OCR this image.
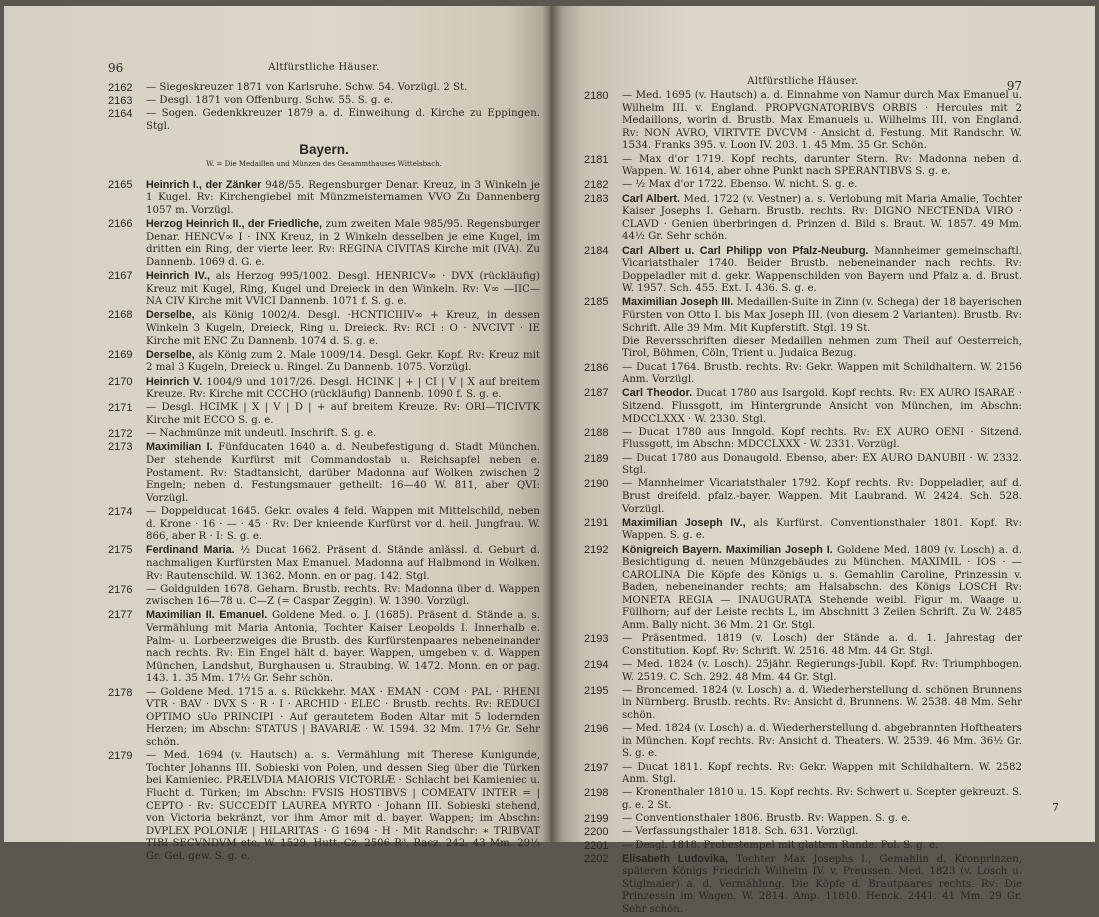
96	Altfürstliche Häuser.
2162	— Siegeskreuzer 1871 von Karlsruhe. Schw. 54. Vorzügl. 2 St.
2163	— Desgl. 1871 von Offenburg. Schw. 55. S. g. e.
2164	— Sogen. Gedenkkreuzer 1879 a. d. Einweihung d. Kirche zu Eppingen. Stgl.
Bayern.
W. = Die Medaillen und Münzen des Gesammthauses Wittelsbach.
2165	Heinrich I., der Zänker 948/55. Regensburger Denar. Kreuz, in 3 Winkeln je 1 Kugel. Rv: Kirchengiebel mit Münzmeisternamen VVO Zu Dannenberg 1057 m. Vorzügl.
2166	Herzog Heinrich II., der Friedliche, zum zweiten Male 985/95. Regensburger Denar. HENCV∞ I · INX Kreuz, in 2 Winkeln desselben je eine Kugel, im dritten ein Ring, der vierte leer. Rv: REGINA CIVITAS Kirche mit (IVA). Zu Dannenb. 1069 d. G. e.
2167	Heinrich IV., als Herzog 995/1002. Desgl. HENRICV∞ · DVX (rückläufig) Kreuz mit Kugel, Ring, Kugel und Dreieck in den Winkeln. Rv: V∞ —IIC—NA CIV Kirche mit VVICI Dannenb. 1071 f. S. g. e.
2168	Derselbe, als König 1002/4. Desgl. ·HCNTICIIIV∞ + Kreuz, in dessen Winkeln 3 Kugeln, Dreieck, Ring u. Dreieck. Rv: RCI : O · NVCIVT · IE Kirche mit ENC Zu Dannenb. 1074 d. S. g. e.
2169	Derselbe, als König zum 2. Male 1009/14. Desgl. Gekr. Kopf. Rv: Kreuz mit 2 mal 3 Kugeln, Dreieck u. Ringel. Zu Dannenb. 1075. Vorzügl.
2170	Heinrich V. 1004/9 und 1017/26. Desgl. HCINK | + | CI | V | X auf breitem Kreuze. Rv: Kirche mit CCCHO (rückläufig) Dannenb. 1090 f. S. g. e.
2171	— Desgl. HCIMK | X | V | D | + auf breitem Kreuze. Rv: ORI—TICIVTK Kirche mit ECCO S. g. e.
2172	— Nachmünze mit undeutl. Inschrift. S. g. e.
2173	Maximilian I. Fünfducaten 1640 a. d. Neubefestigung d. Stadt München. Der stehende Kurfürst mit Commandostab u. Reichsapfel neben e. Postament. Rv: Stadtansicht, darüber Madonna auf Wolken zwischen 2 Engeln; neben d. Festungsmauer getheilt: 16—40 W. 811, aber QVI: Vorzügl.
2174	— Doppelducat 1645. Gekr. ovales 4 feld. Wappen mit Mittelschild, neben d. Krone · 16 · — · 45 · Rv: Der knieende Kurfürst vor d. heil. Jungfrau. W. 866, aber R · I: S. g. e.
2175	Ferdinand Maria. ½ Ducat 1662. Präsent d. Stände anlässl. d. Geburt d. nachmaligen Kurfürsten Max Emanuel. Madonna auf Halbmond in Wolken. Rv: Rautenschild. W. 1362. Monn. en or pag. 142. Stgl.
2176	— Goldgulden 1678. Geharn. Brustb. rechts. Rv: Madonna über d. Wappen zwischen 16—78 u. C—Z (= Caspar Zeggin). W. 1390. Vorzügl.
2177	Maximilian II. Emanuel. Goldene Med. o. J. (1685). Präsent d. Stände a. s. Vermählung mit Maria Antonia, Tochter Kaiser Leopolds I. Innerhalb e. Palm- u. Lorbeerzweiges die Brustb. des Kurfürstenpaares nebeneinander nach rechts. Rv: Ein Engel hält d. bayer. Wappen, umgeben v. d. Wappen München, Landshut, Burghausen u. Straubing. W. 1472. Monn. en or pag. 143. 1. 35 Mm. 17½ Gr. Sehr schön.
2178	— Goldene Med. 1715 a. s. Rückkehr. MAX · EMAN · COM · PAL · RHENI VTR · BAV · DVX S · R · I · ARCHID · ELEC · Brustb. rechts. Rv: REDUCI OPTIMO sUo PRINCIPI · Auf gerautetem Boden Altar mit 5 lodernden Herzen; im Abschn: STATUS | BAVARIÆ · W. 1594. 32 Mm. 17½ Gr. Sehr schön.
2179	— Med. 1694 (v. Hautsch) a. s. Vermählung mit Therese Kunigunde, Tochter Johanns III. Sobieski von Polen, und dessen Sieg über die Türken bei Kamieniec. PRÆLVDIA MAIORIS VICTORIÆ · Schlacht bei Kamieniec u. Flucht d. Türken; im Abschn: FVSIS HOSTIBVS | COMEATV INTER = | CEPTO · Rv: SUCCEDIT LAUREA MYRTO · Johann III. Sobieski stehend, von Victoria bekränzt, vor ihm Amor mit d. bayer. Wappen; im Abschn: DVPLEX POLONIÆ | HILARITAS · G 1694 · H · Mit Randschr: ∗ TRIBVAT TIBI SECVNDVM etc. W. 1529. Hutt.-Cz. 2506 R³. Racz. 242. 43 Mm. 29⅓ Gr. Gel. gew. S. g. e.
Altfürstliche Häuser.	97
2180	— Med. 1695 (v. Hautsch) a. d. Einnahme von Namur durch Max Emanuel u. Wilhelm III. v. England. PROPVGNATORIBVS ORBIS · Hercules mit 2 Medaillons, worin d. Brustb. Max Emanuels u. Wilhelms III. von England. Rv: NON AVRO, VIRTVTE DVCVM · Ansicht d. Festung. Mit Randschr. W. 1534. Franks 395. v. Loon IV. 203. 1. 45 Mm. 35 Gr. Schön.
2181	— Max d'or 1719. Kopf rechts, darunter Stern. Rv: Madonna neben d. Wappen. W. 1614, aber ohne Punkt nach SPERANTIBVS S. g. e.
2182	— ½ Max d'or 1722. Ebenso. W. nicht. S. g. e.
2183	Carl Albert. Med. 1722 (v. Vestner) a. s. Verlobung mit Maria Amalie, Tochter Kaiser Josephs I. Geharn. Brustb. rechts. Rv: DIGNO NECTENDA VIRO · CLAVD · Genien überbringen d. Prinzen d. Bild s. Braut. W. 1857. 49 Mm. 44½ Gr. Sehr schön.
2184	Carl Albert u. Carl Philipp von Pfalz-Neuburg. Mannheimer gemeinschaftl. Vicariatsthaler 1740. Beider Brustb. nebeneinander nach rechts. Rv: Doppeladler mit d. gekr. Wappenschilden von Bayern und Pfalz a. d. Brust. W. 1957. Sch. 455. Ext. I. 436. S. g. e.
2185	Maximilian Joseph III. Medaillen-Suite in Zinn (v. Schega) der 18 bayerischen Fürsten von Otto I. bis Max Joseph III. (von diesem 2 Varianten). Brustb. Rv: Schrift. Alle 39 Mm. Mit Kupferstift. Stgl. 19 St.
Die Reversschriften dieser Medaillen nehmen zum Theil auf Oesterreich, Tirol, Böhmen, Cöln, Trient u. Judaica Bezug.
2186	— Ducat 1764. Brustb. rechts. Rv: Gekr. Wappen mit Schildhaltern. W. 2156 Anm. Vorzügl.
2187	Carl Theodor. Ducat 1780 aus Isargold. Kopf rechts. Rv: EX AURO ISARAE · Sitzend. Flussgott, im Hintergrunde Ansicht von München, im Abschn: MDCCLXXX · W. 2330. Stgl.
2188	— Ducat 1780 aus Inngold. Kopf rechts. Rv: EX AURO OENI · Sitzend. Flussgott, im Abschn: MDCCLXXX · W. 2331. Vorzügl.
2189	— Ducat 1780 aus Donaugold. Ebenso, aber: EX AURO DANUBII · W. 2332. Stgl.
2190	— Mannheimer Vicariatsthaler 1792. Kopf rechts. Rv: Doppeladler, auf d. Brust dreifeld. pfalz.-bayer. Wappen. Mit Laubrand. W. 2424. Sch. 528. Vorzügl.
2191	Maximilian Joseph IV., als Kurfürst. Conventionsthaler 1801. Kopf. Rv: Wappen. S. g. e.
2192	Königreich Bayern. Maximilian Joseph I. Goldene Med. 1809 (v. Losch) a. d. Besichtigung d. neuen Münzgebäudes zu München. MAXIMIL · IOS · — CAROLINA Die Köpfe des Königs u. s. Gemahlin Caroline, Prinzessin v. Baden, nebeneinander rechts; am Halsabschn. des Königs LOSCH Rv: MONETA REGIA — INAUGURATA Stehende weibl. Figur m. Waage u. Füllhorn; auf der Leiste rechts L, im Abschnitt 3 Zeilen Schrift. Zu W. 2485 Anm. Bally nicht. 36 Mm. 21 Gr. Stgl.
2193	— Präsentmed. 1819 (v. Losch) der Stände a. d. 1. Jahrestag der Constitution. Kopf. Rv: Schrift. W. 2516. 48 Mm. 44 Gr. Stgl.
2194	— Med. 1824 (v. Losch). 25jähr. Regierungs-Jubil. Kopf. Rv: Triumphbogen. W. 2519. C. Sch. 292. 48 Mm. 44 Gr. Stgl.
2195	— Broncemed. 1824 (v. Losch) a. d. Wiederherstellung d. schönen Brunnens in Nürnberg. Brustb. rechts. Rv: Ansicht d. Brunnens. W. 2538. 48 Mm. Sehr schön.
2196	— Med. 1824 (v. Losch) a. d. Wiederherstellung d. abgebrannten Hoftheaters in München. Kopf rechts. Rv: Ansicht d. Theaters. W. 2539. 46 Mm. 36½ Gr. S. g. e.
2197	— Ducat 1811. Kopf rechts. Rv: Gekr. Wappen mit Schildhaltern. W. 2582 Anm. Stgl.
2198	— Kronenthaler 1810 u. 15. Kopf rechts. Rv: Schwert u. Scepter gekreuzt. S. g. e. 2 St.
2199	— Conventionsthaler 1806. Brustb. Rv: Wappen. S. g. e.
2200	— Verfassungsthaler 1818. Sch. 631. Vorzügl.
2201	— Desgl. 1818. Probestempel mit glattem Rande. Pol. S. g. e.
2202	Elisabeth Ludovika, Tochter Max Josephs I., Gemahlin d. Kronprinzen, späteren Königs Friedrich Wilhelm IV. v. Preussen. Med. 1823 (v. Losch u. Stiglmaier) a. d. Vermählung. Die Köpfe d. Brautpaares rechts. Rv: Die Prinzessin im Wagen. W. 2814. Amp. 11810. Henck. 2441. 41 Mm. 29 Gr. Sehr schön.
7
